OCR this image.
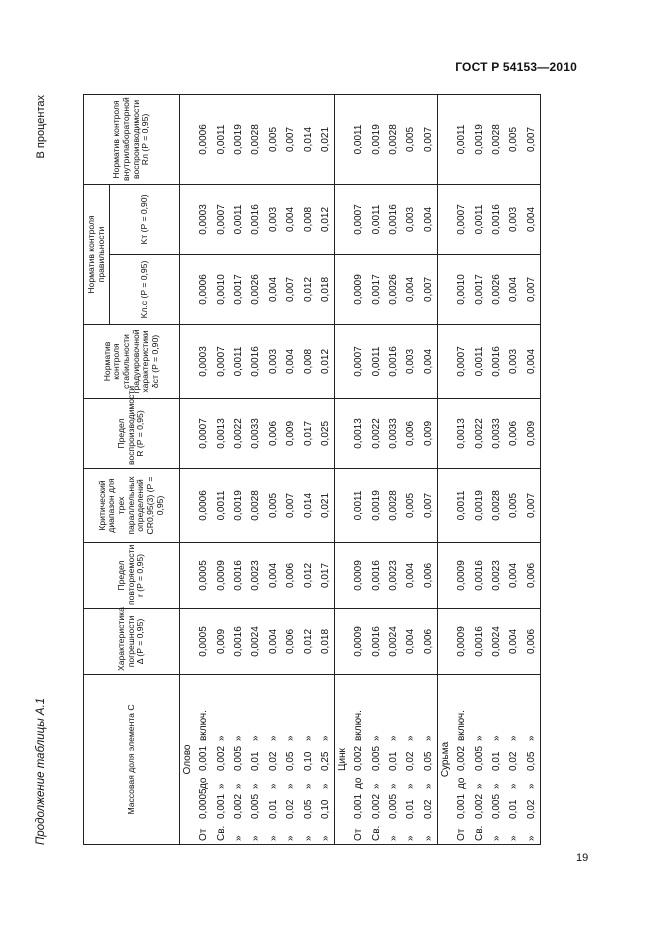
ГОСТ Р 54153—2010
Продолжение таблицы А.1
В процентах
Массовая доля элемента C	Характеристика погрешности Δ (P = 0,95)	Предел повторяемости r (P = 0,95)	Критический диапазон для трех параллельных определений CR0,95(3) (P = 0,95)	Предел воспроизводимости R (P = 0,95)	Норматив контроля стабильности градуировочной характеристики δст (P = 0,90)	Норматив контроля правильности		Норматив контроля внутрилабораторной воспроизводимости Rл (P = 0,95)
						Kл.с (P = 0,95)	Kт (P = 0,90)	
Олово								
От0,0005до0,001включ.	0,0005	0,0005	0,0006	0,0007	0,0003	0,0006	0,0003	0,0006
Св.0,001»0,002»	0,009	0,0009	0,0011	0,0013	0,0007	0,0010	0,0007	0,0011
»0,002»0,005»	0,0016	0,0016	0,0019	0,0022	0,0011	0,0017	0,0011	0,0019
»0,005»0,01»	0,0024	0,0023	0,0028	0,0033	0,0016	0,0026	0,0016	0,0028
»0,01»0,02»	0,004	0,004	0,005	0,006	0,003	0,004	0,003	0,005
»0,02»0,05»	0,006	0,006	0,007	0,009	0,004	0,007	0,004	0,007
»0,05»0,10»	0,012	0,012	0,014	0,017	0,008	0,012	0,008	0,014
»0,10»0,25»	0,018	0,017	0,021	0,025	0,012	0,018	0,012	0,021
Цинк								
От0,001до0,002включ.	0,0009	0,0009	0,0011	0,0013	0,0007	0,0009	0,0007	0,0011
Св.0,002»0,005»	0,0016	0,0016	0,0019	0,0022	0,0011	0,0017	0,0011	0,0019
»0,005»0,01»	0,0024	0,0023	0,0028	0,0033	0,0016	0,0026	0,0016	0,0028
»0,01»0,02»	0,004	0,004	0,005	0,006	0,003	0,004	0,003	0,005
»0,02»0,05»	0,006	0,006	0,007	0,009	0,004	0,007	0,004	0,007
Сурьма								
От0,001до0,002включ.	0,0009	0,0009	0,0011	0,0013	0,0007	0,0010	0,0007	0,0011
Св.0,002»0,005»	0,0016	0,0016	0,0019	0,0022	0,0011	0,0017	0,0011	0,0019
»0,005»0,01»	0,0024	0,0023	0,0028	0,0033	0,0016	0,0026	0,0016	0,0028
»0,01»0,02»	0,004	0,004	0,005	0,006	0,003	0,004	0,003	0,005
»0,02»0,05»	0,006	0,006	0,007	0,009	0,004	0,007	0,004	0,007
19
